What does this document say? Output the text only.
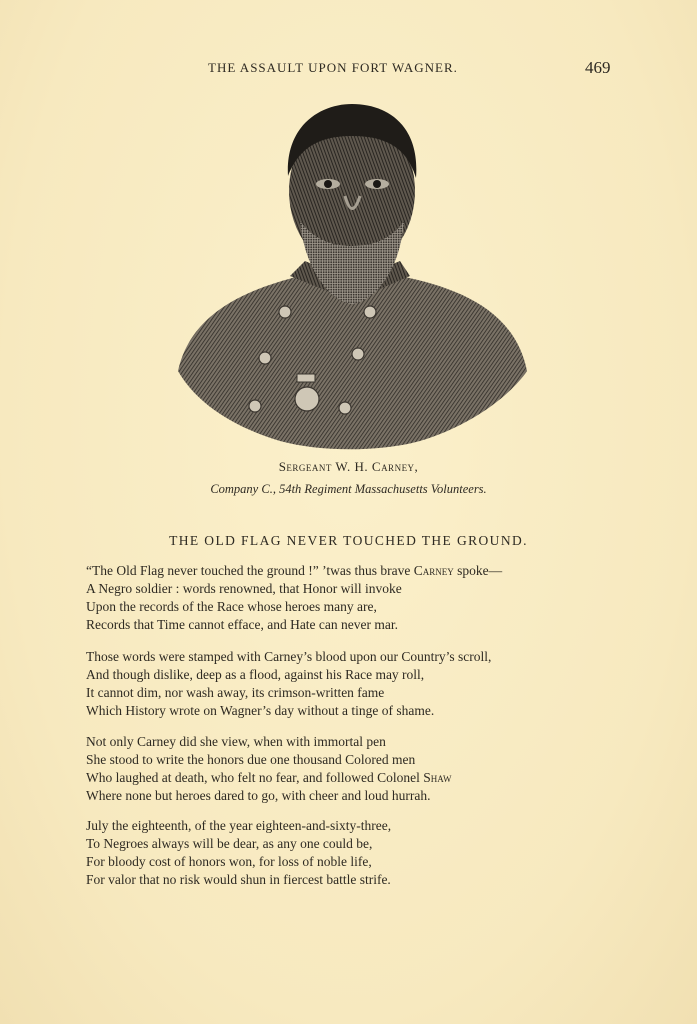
THE ASSAULT UPON FORT WAGNER.	469
Sergeant W. H. Carney,
Company C., 54th Regiment Massachusetts Volunteers.
THE OLD FLAG NEVER TOUCHED THE GROUND.
“The Old Flag never touched the ground !” ’twas thus brave Carney spoke—
A Negro soldier : words renowned, that Honor will invoke
Upon the records of the Race whose heroes many are,
Records that Time cannot efface, and Hate can never mar.
Those words were stamped with Carney’s blood upon our Country’s scroll,
And though dislike, deep as a flood, against his Race may roll,
It cannot dim, nor wash away, its crimson-written fame
Which History wrote on Wagner’s day without a tinge of shame.
Not only Carney did she view, when with immortal pen
She stood to write the honors due one thousand Colored men
Who laughed at death, who felt no fear, and followed Colonel Shaw
Where none but heroes dared to go, with cheer and loud hurrah.
July the eighteenth, of the year eighteen-and-sixty-three,
To Negroes always will be dear, as any one could be,
For bloody cost of honors won, for loss of noble life,
For valor that no risk would shun in fiercest battle strife.
